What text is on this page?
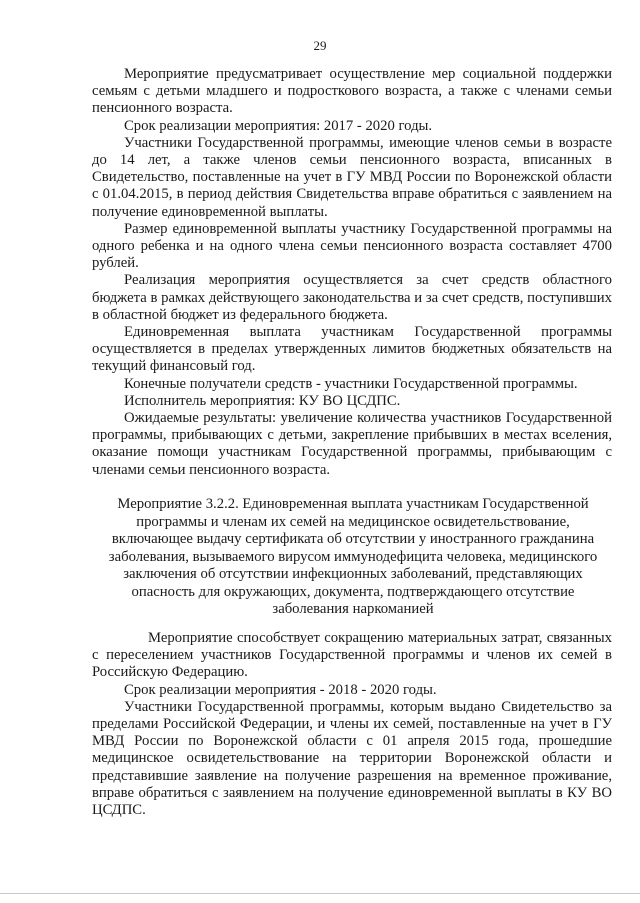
29

Мероприятие предусматривает осуществление мер социальной поддержки семьям с детьми младшего и подросткового возраста, а также с членами семьи пенсионного возраста.

Срок реализации мероприятия: 2017 - 2020 годы.

Участники Государственной программы, имеющие членов семьи в возрасте до 14 лет, а также членов семьи пенсионного возраста, вписанных в Свидетельство, поставленные на учет в ГУ МВД России по Воронежской области с 01.04.2015, в период действия Свидетельства вправе обратиться с заявлением на получение единовременной выплаты.

Размер единовременной выплаты участнику Государственной программы на одного ребенка и на одного члена семьи пенсионного возраста составляет 4700 рублей.

Реализация мероприятия осуществляется за счет средств областного бюджета в рамках действующего законодательства и за счет средств, поступивших в областной бюджет из федерального бюджета.

Единовременная выплата участникам Государственной программы осуществляется в пределах утвержденных лимитов бюджетных обязательств на текущий финансовый год.

Конечные получатели средств - участники Государственной программы.

Исполнитель мероприятия: КУ ВО ЦСДПС.

Ожидаемые результаты: увеличение количества участников Государственной программы, прибывающих с детьми, закрепление прибывших в местах вселения, оказание помощи участникам Государственной программы, прибывающим с членами семьи пенсионного возраста.

Мероприятие 3.2.2. Единовременная выплата участникам Государственной программы и членам их семей на медицинское освидетельствование, включающее выдачу сертификата об отсутствии у иностранного гражданина заболевания, вызываемого вирусом иммунодефицита человека, медицинского заключения об отсутствии инфекционных заболеваний, представляющих опасность для окружающих, документа, подтверждающего отсутствие заболевания наркоманией

Мероприятие способствует сокращению материальных затрат, связанных с переселением участников Государственной программы и членов их семей в Российскую Федерацию.

Срок реализации мероприятия - 2018 - 2020 годы.

Участники Государственной программы, которым выдано Свидетельство за пределами Российской Федерации, и члены их семей, поставленные на учет в ГУ МВД России по Воронежской области с 01 апреля 2015 года, прошедшие медицинское освидетельствование на территории Воронежской области и представившие заявление на получение разрешения на временное проживание, вправе обратиться с заявлением на получение единовременной выплаты в КУ ВО ЦСДПС.
